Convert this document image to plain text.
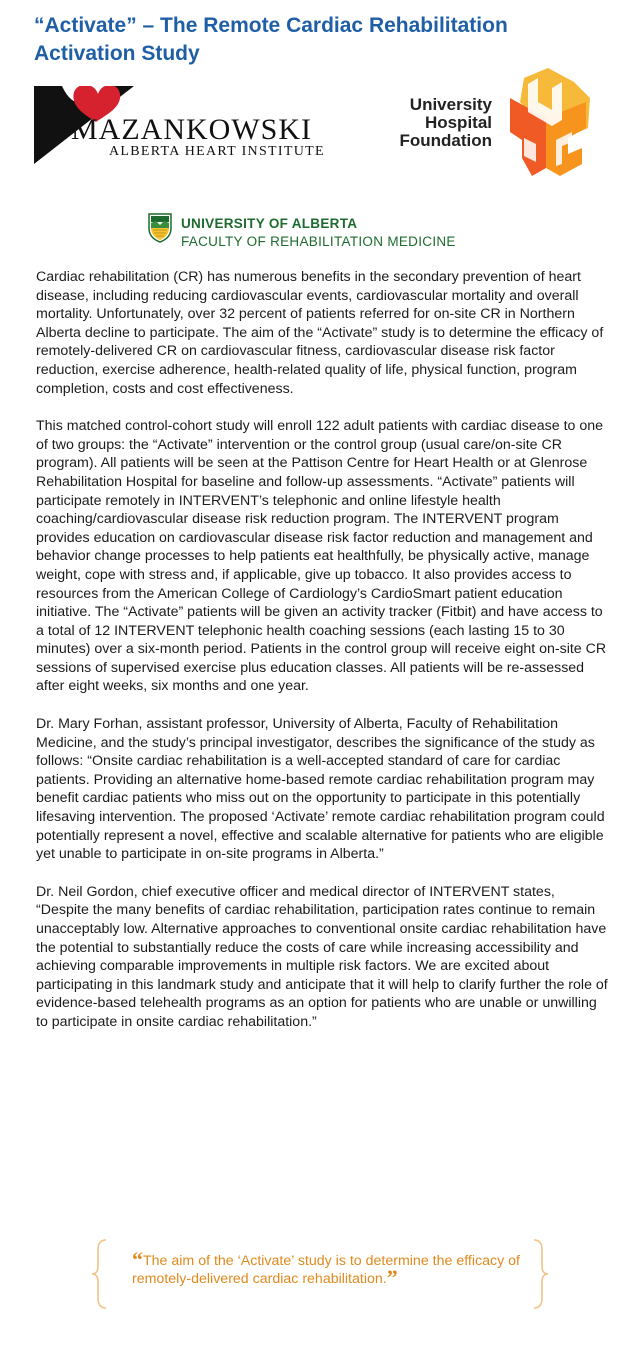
“Activate” – The Remote Cardiac Rehabilitation Activation Study
MAZANKOWSKI
ALBERTA HEART INSTITUTE
University
Hospital
Foundation
UNIVERSITY OF ALBERTA
FACULTY OF REHABILITATION MEDICINE

Cardiac rehabilitation (CR) has numerous benefits in the secondary prevention of heart disease, including reducing cardiovascular events, cardiovascular mortality and overall mortality. Unfortunately, over 32 percent of patients referred for on-site CR in Northern Alberta decline to participate. The aim of the “Activate” study is to determine the efficacy of remotely-delivered CR on cardiovascular fitness, cardiovascular disease risk factor reduction, exercise adherence, health-related quality of life, physical function, program completion, costs and cost effectiveness.

This matched control-cohort study will enroll 122 adult patients with cardiac disease to one of two groups: the “Activate” intervention or the control group (usual care/on-site CR program). All patients will be seen at the Pattison Centre for Heart Health or at Glenrose Rehabilitation Hospital for baseline and follow-up assessments. “Activate” patients will participate remotely in INTERVENT’s telephonic and online lifestyle health coaching/cardiovascular disease risk reduction program. The INTERVENT program provides education on cardiovascular disease risk factor reduction and management and behavior change processes to help patients eat healthfully, be physically active, manage weight, cope with stress and, if applicable, give up tobacco. It also provides access to resources from the American College of Cardiology’s CardioSmart patient education initiative. The “Activate” patients will be given an activity tracker (Fitbit) and have access to a total of 12 INTERVENT telephonic health coaching sessions (each lasting 15 to 30 minutes) over a six-month period. Patients in the control group will receive eight on-site CR sessions of supervised exercise plus education classes. All patients will be re-assessed after eight weeks, six months and one year.

Dr. Mary Forhan, assistant professor, University of Alberta, Faculty of Rehabilitation Medicine, and the study’s principal investigator, describes the significance of the study as follows: “Onsite cardiac rehabilitation is a well-accepted standard of care for cardiac patients. Providing an alternative home-based remote cardiac rehabilitation program may benefit cardiac patients who miss out on the opportunity to participate in this potentially lifesaving intervention. The proposed ‘Activate’ remote cardiac rehabilitation program could potentially represent a novel, effective and scalable alternative for patients who are eligible yet unable to participate in on-site programs in Alberta.”

Dr. Neil Gordon, chief executive officer and medical director of INTERVENT states, “Despite the many benefits of cardiac rehabilitation, participation rates continue to remain unacceptably low. Alternative approaches to conventional onsite cardiac rehabilitation have the potential to substantially reduce the costs of care while increasing accessibility and achieving comparable improvements in multiple risk factors. We are excited about participating in this landmark study and anticipate that it will help to clarify further the role of evidence-based telehealth programs as an option for patients who are unable or unwilling to participate in onsite cardiac rehabilitation.”

“The aim of the ‘Activate’ study is to determine the efficacy of remotely-delivered cardiac rehabilitation.”
